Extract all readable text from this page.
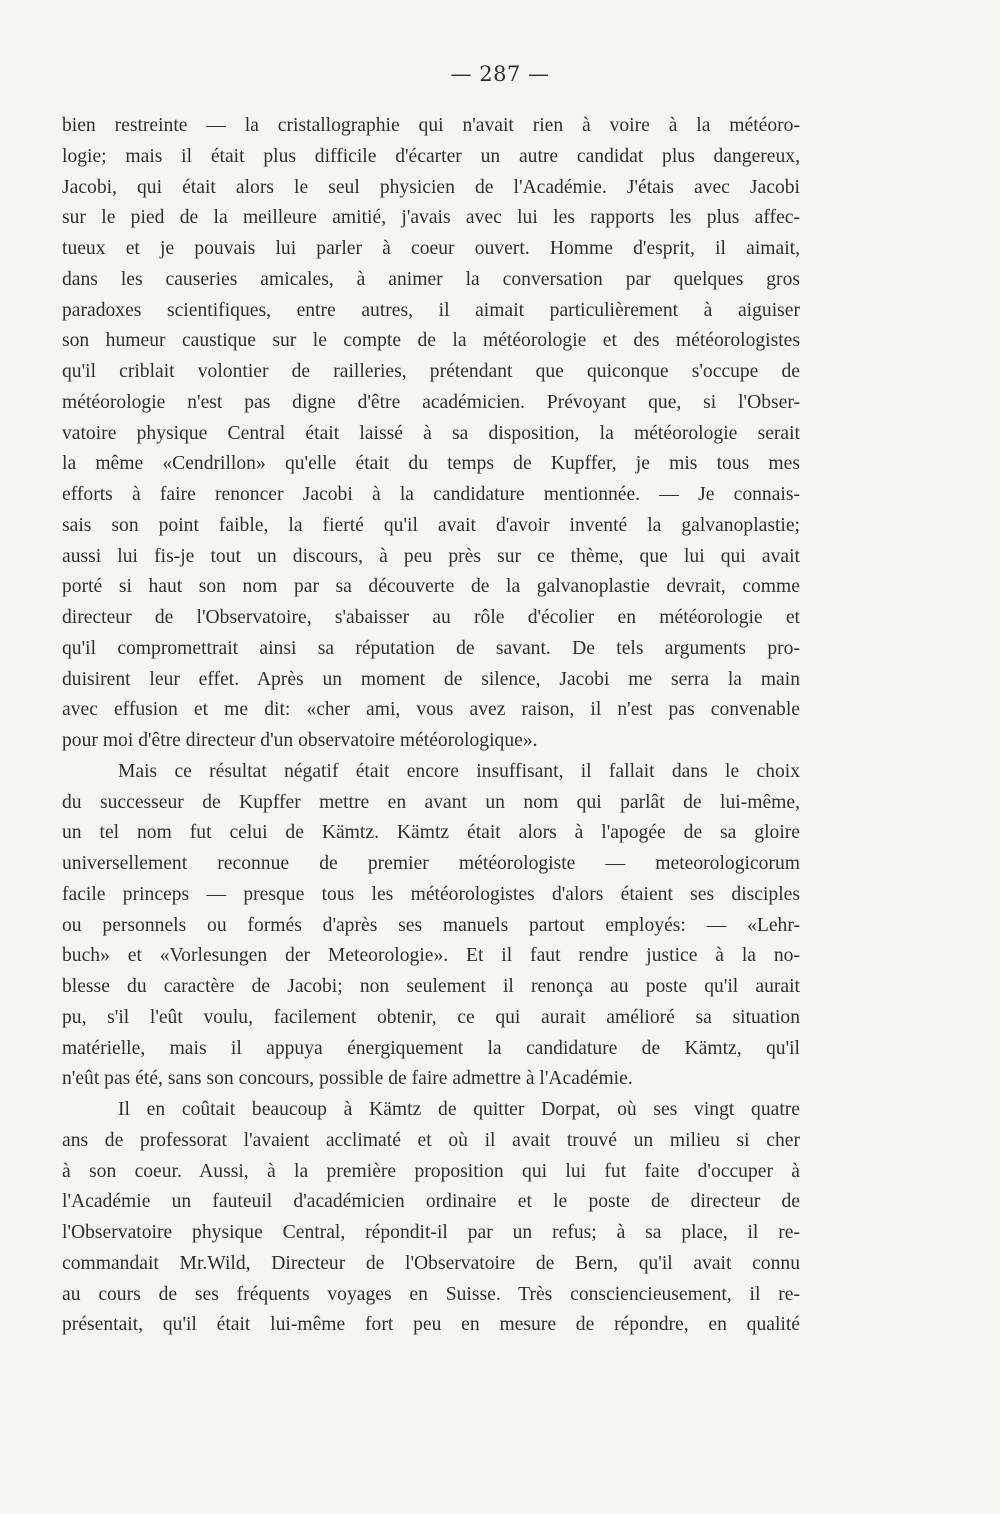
— 287 —
bien restreinte — la cristallographie qui n'avait rien à voire à la météoro-
logie; mais il était plus difficile d'écarter un autre candidat plus dangereux,
Jacobi, qui était alors le seul physicien de l'Académie. J'étais avec Jacobi
sur le pied de la meilleure amitié, j'avais avec lui les rapports les plus affec-
tueux et je pouvais lui parler à coeur ouvert. Homme d'esprit, il aimait,
dans les causeries amicales, à animer la conversation par quelques gros
paradoxes scientifiques, entre autres, il aimait particulièrement à aiguiser
son humeur caustique sur le compte de la météorologie et des météorologistes
qu'il criblait volontier de railleries, prétendant que quiconque s'occupe de
météorologie n'est pas digne d'être académicien. Prévoyant que, si l'Obser-
vatoire physique Central était laissé à sa disposition, la météorologie serait
la même «Cendrillon» qu'elle était du temps de Kupffer, je mis tous mes
efforts à faire renoncer Jacobi à la candidature mentionnée. — Je connais-
sais son point faible, la fierté qu'il avait d'avoir inventé la galvanoplastie;
aussi lui fis-je tout un discours, à peu près sur ce thème, que lui qui avait
porté si haut son nom par sa découverte de la galvanoplastie devrait, comme
directeur de l'Observatoire, s'abaisser au rôle d'écolier en météorologie et
qu'il compromettrait ainsi sa réputation de savant. De tels arguments pro-
duisirent leur effet. Après un moment de silence, Jacobi me serra la main
avec effusion et me dit: «cher ami, vous avez raison, il n'est pas convenable
pour moi d'être directeur d'un observatoire météorologique».
Mais ce résultat négatif était encore insuffisant, il fallait dans le choix
du successeur de Kupffer mettre en avant un nom qui parlât de lui-même,
un tel nom fut celui de Kämtz. Kämtz était alors à l'apogée de sa gloire
universellement reconnue de premier météorologiste — meteorologicorum
facile princeps — presque tous les météorologistes d'alors étaient ses disciples
ou personnels ou formés d'après ses manuels partout employés: — «Lehr-
buch» et «Vorlesungen der Meteorologie». Et il faut rendre justice à la no-
blesse du caractère de Jacobi; non seulement il renonça au poste qu'il aurait
pu, s'il l'eût voulu, facilement obtenir, ce qui aurait amélioré sa situation
matérielle, mais il appuya énergiquement la candidature de Kämtz, qu'il
n'eût pas été, sans son concours, possible de faire admettre à l'Académie.
Il en coûtait beaucoup à Kämtz de quitter Dorpat, où ses vingt quatre
ans de professorat l'avaient acclimaté et où il avait trouvé un milieu si cher
à son coeur. Aussi, à la première proposition qui lui fut faite d'occuper à
l'Académie un fauteuil d'académicien ordinaire et le poste de directeur de
l'Observatoire physique Central, répondit-il par un refus; à sa place, il re-
commandait Mr.Wild, Directeur de l'Observatoire de Bern, qu'il avait connu
au cours de ses fréquents voyages en Suisse. Très consciencieusement, il re-
présentait, qu'il était lui-même fort peu en mesure de répondre, en qualité
